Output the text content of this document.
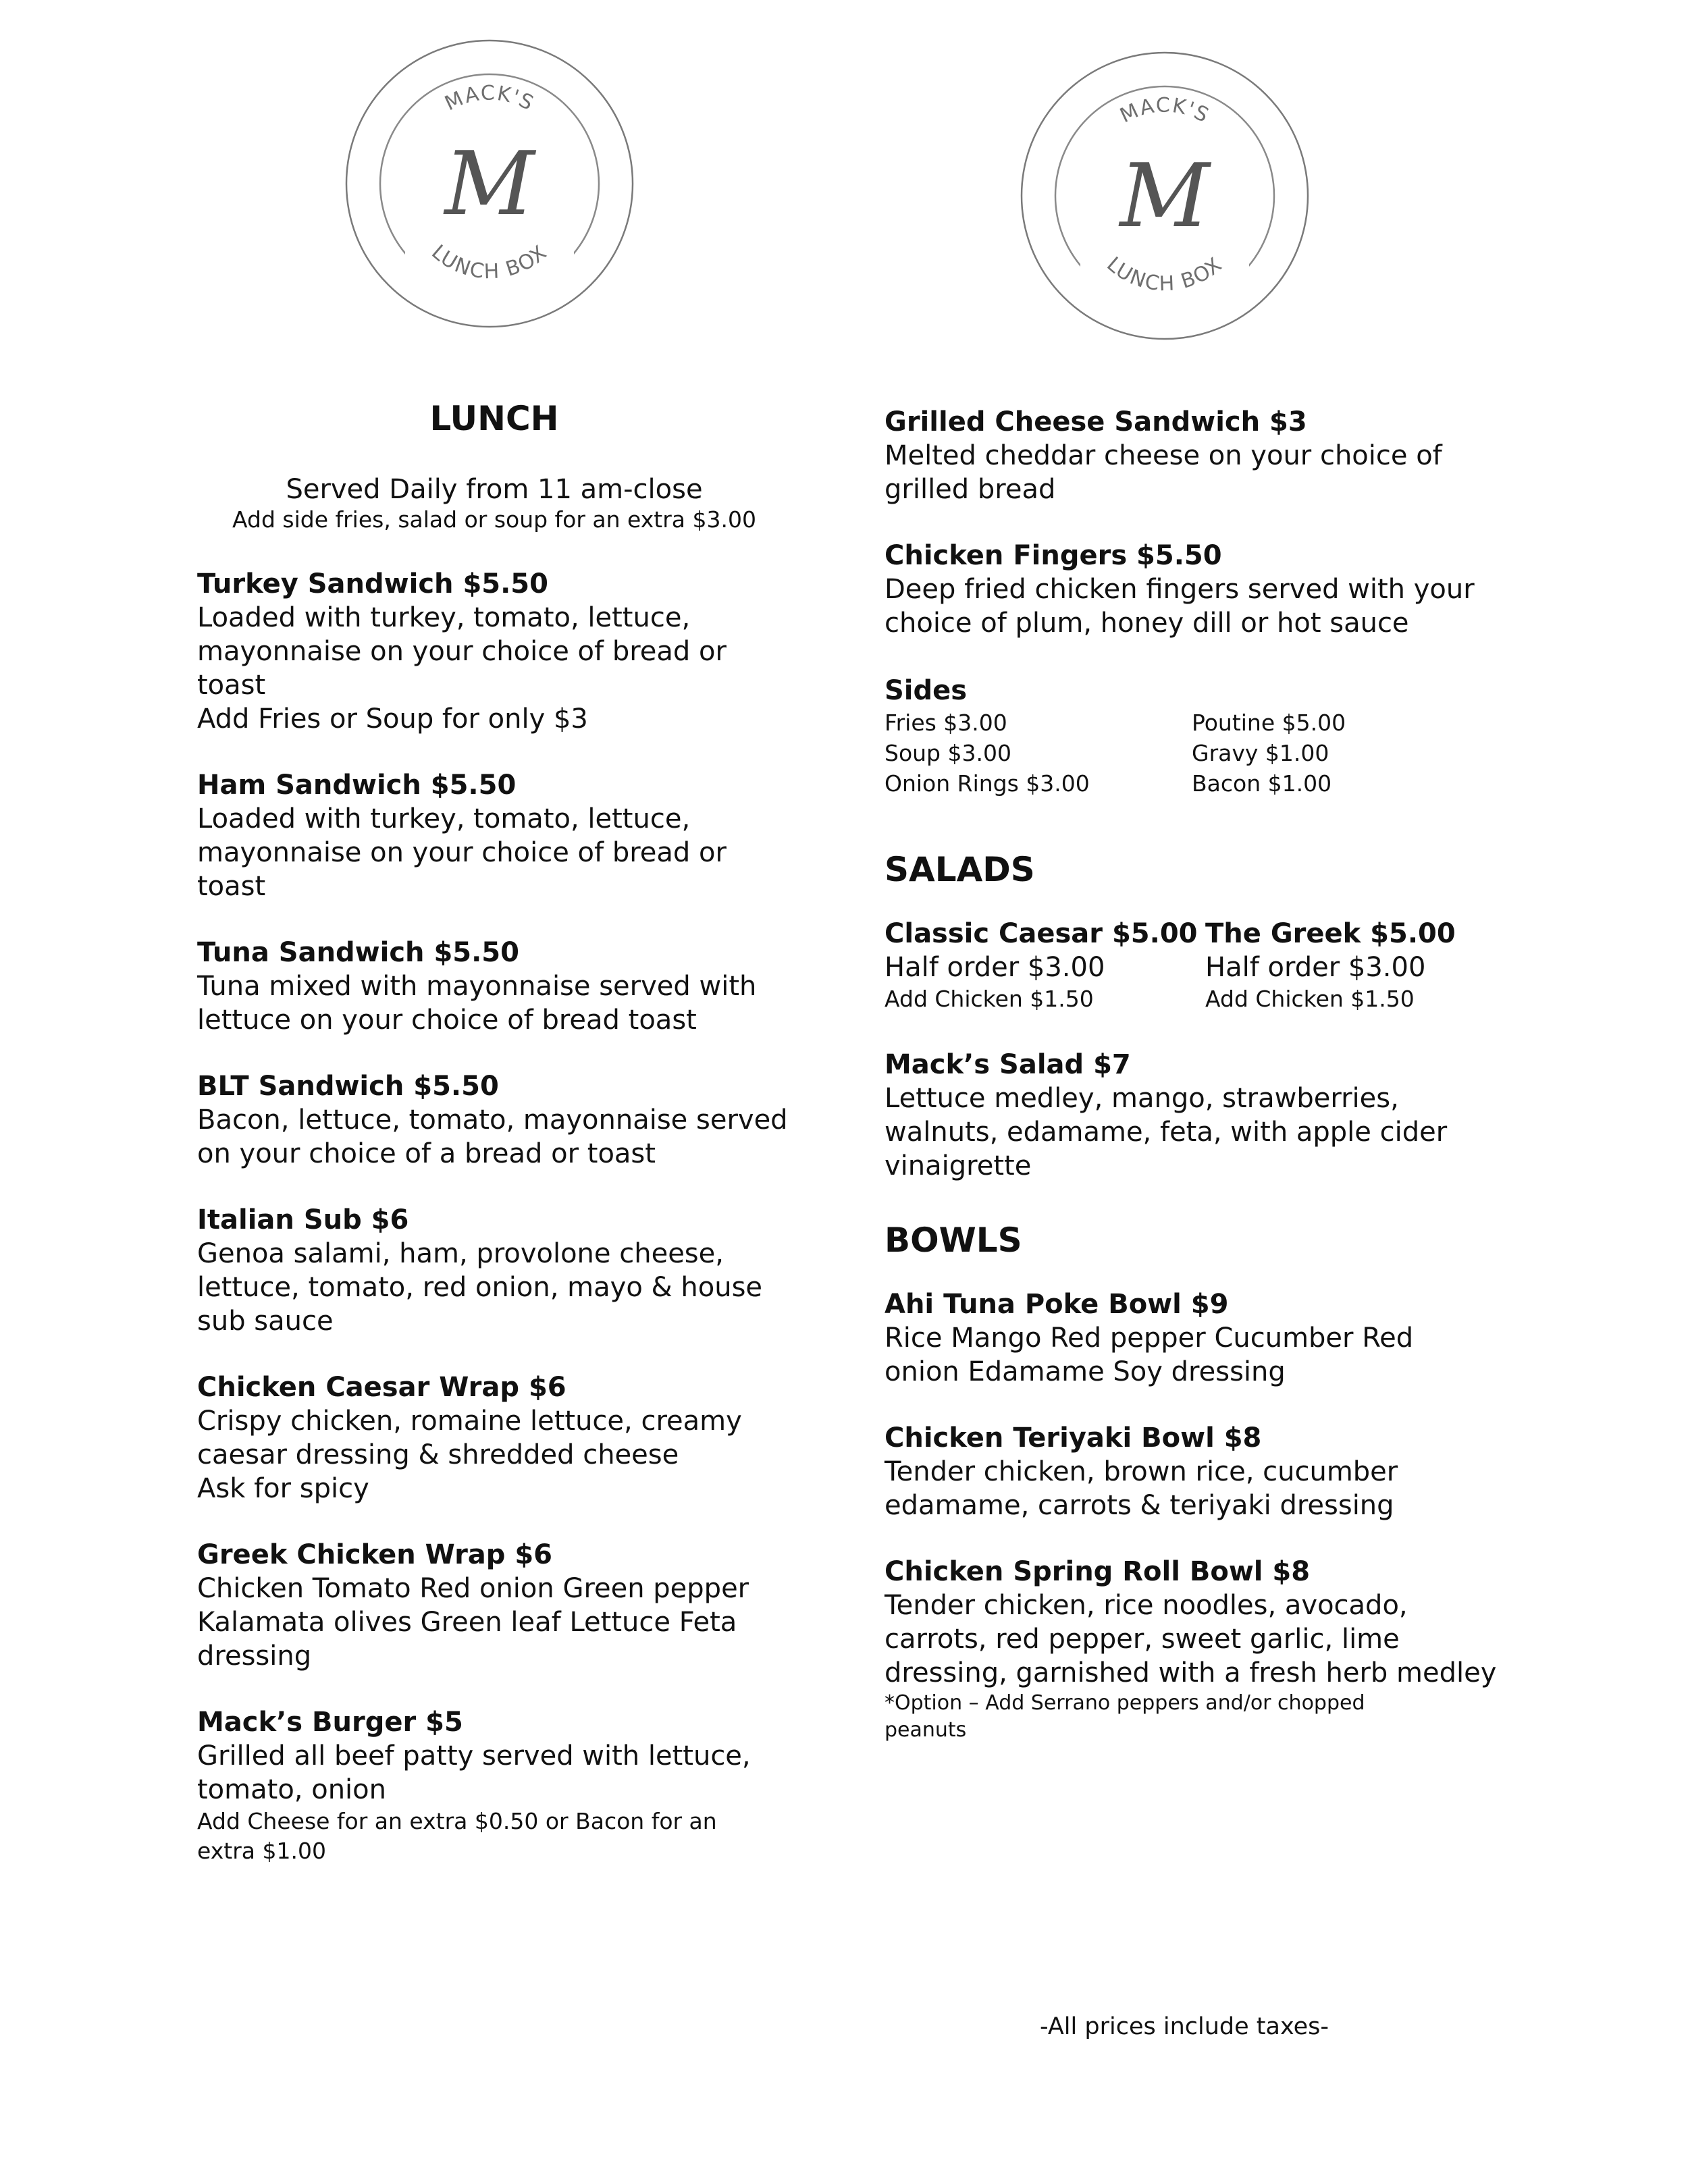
MACK'S
LUNCH BOX
M
MACK'S
LUNCH BOX
M
LUNCH
Served Daily from 11 am-close
Add side fries, salad or soup for an extra $3.00
Turkey Sandwich $5.50
Loaded with turkey, tomato, lettuce,
mayonnaise on your choice of bread or
toast
Add Fries or Soup for only $3
Ham Sandwich $5.50
Loaded with turkey, tomato, lettuce,
mayonnaise on your choice of bread or
toast
Tuna Sandwich $5.50
Tuna mixed with mayonnaise served with
lettuce on your choice of bread toast
BLT Sandwich $5.50
Bacon, lettuce, tomato, mayonnaise served
on your choice of a bread or toast
Italian Sub $6
Genoa salami, ham, provolone cheese,
lettuce, tomato, red onion, mayo & house
sub sauce
Chicken Caesar Wrap $6
Crispy chicken, romaine lettuce, creamy
caesar dressing & shredded cheese
Ask for spicy
Greek Chicken Wrap $6
Chicken Tomato Red onion Green pepper
Kalamata olives Green leaf Lettuce Feta
dressing
Mack’s Burger $5
Grilled all beef patty served with lettuce,
tomato, onion
Add Cheese for an extra $0.50 or Bacon for an
extra $1.00
Grilled Cheese Sandwich $3
Melted cheddar cheese on your choice of
grilled bread
Chicken Fingers $5.50
Deep fried chicken fingers served with your
choice of plum, honey dill or hot sauce
Sides
Fries $3.00
Soup $3.00
Onion Rings $3.00
Poutine $5.00
Gravy $1.00
Bacon $1.00
SALADS
Classic Caesar $5.00
Half order $3.00
Add Chicken $1.50
The Greek $5.00
Half order $3.00
Add Chicken $1.50
Mack’s Salad $7
Lettuce medley, mango, strawberries,
walnuts, edamame, feta, with apple cider
vinaigrette
BOWLS
Ahi Tuna Poke Bowl $9
Rice Mango Red pepper Cucumber Red
onion Edamame Soy dressing
Chicken Teriyaki Bowl $8
Tender chicken, brown rice, cucumber
edamame, carrots & teriyaki dressing
Chicken Spring Roll Bowl $8
Tender chicken, rice noodles, avocado,
carrots, red pepper, sweet garlic, lime
dressing, garnished with a fresh herb medley
*Option – Add Serrano peppers and/or chopped
peanuts
-All prices include taxes-
